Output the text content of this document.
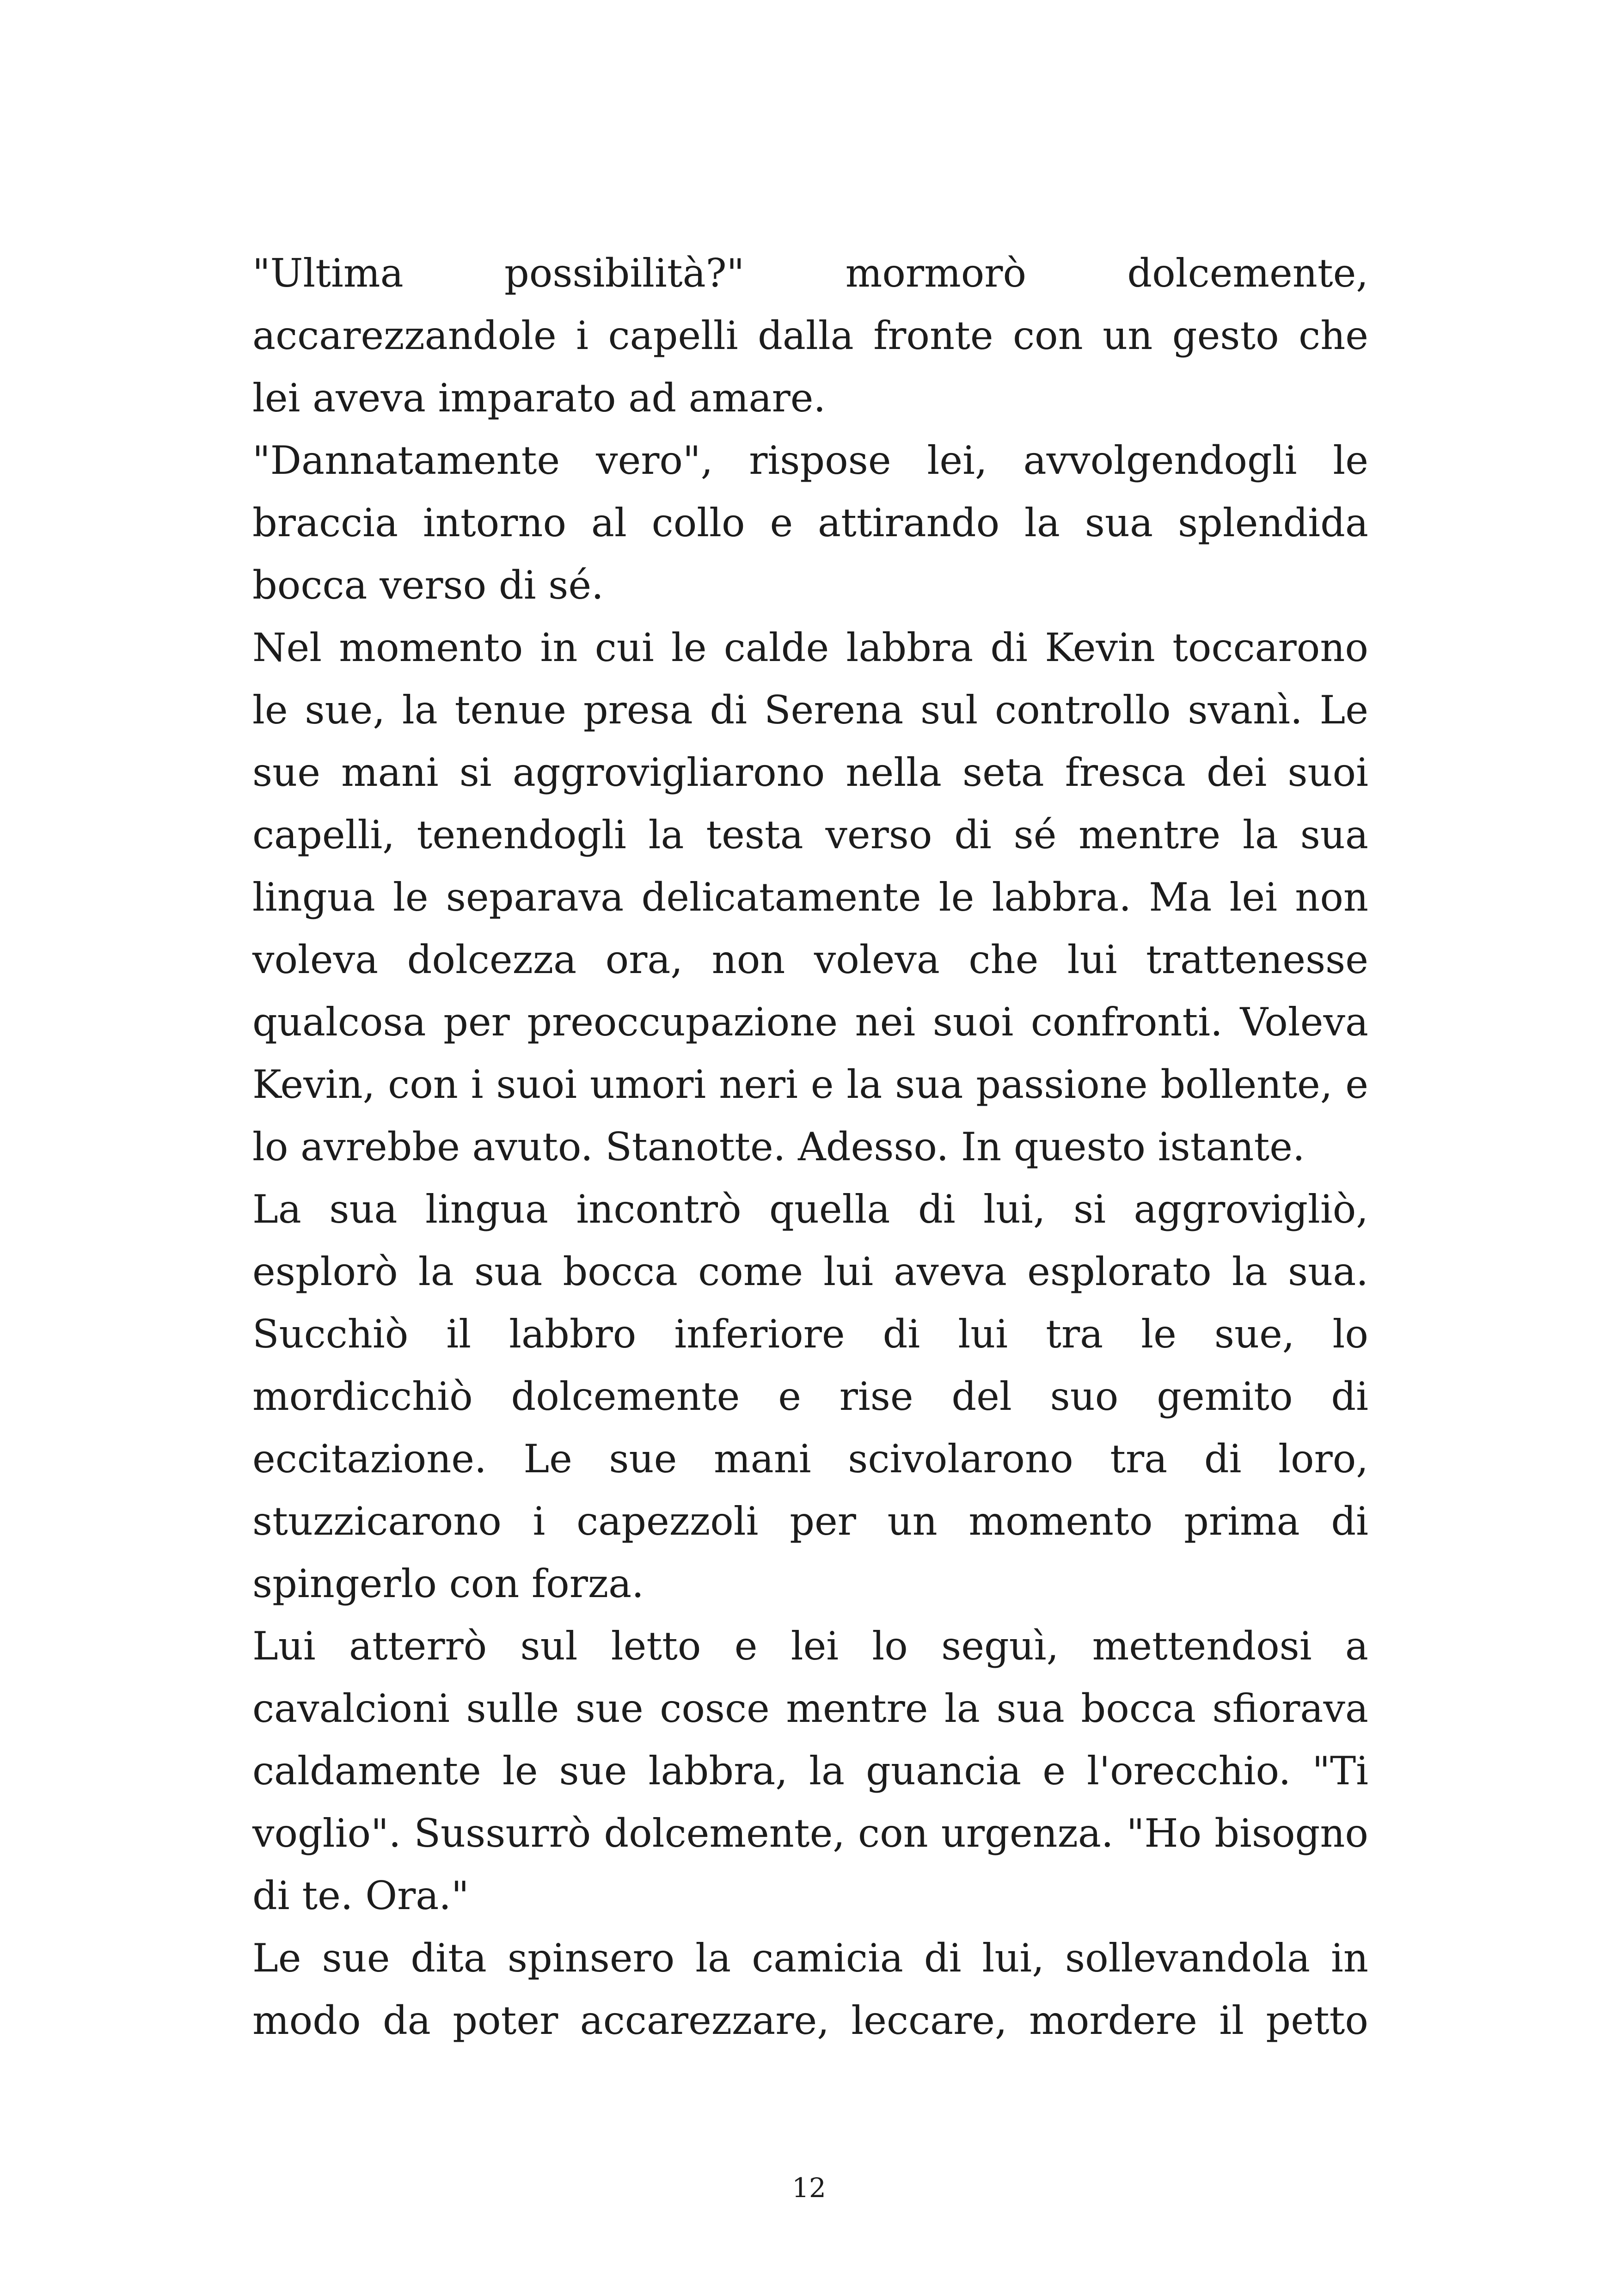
"Ultima possibilità?" mormorò dolcemente, accarezzandole i capelli dalla fronte con un gesto che lei aveva imparato ad amare.

"Dannatamente vero", rispose lei, avvolgendogli le braccia intorno al collo e attirando la sua splendida bocca verso di sé.

Nel momento in cui le calde labbra di Kevin toccarono le sue, la tenue presa di Serena sul controllo svanì. Le sue mani si aggrovigliarono nella seta fresca dei suoi capelli, tenendogli la testa verso di sé mentre la sua lingua le separava delicatamente le labbra. Ma lei non voleva dolcezza ora, non voleva che lui trattenesse qualcosa per preoccupazione nei suoi confronti. Voleva Kevin, con i suoi umori neri e la sua passione bollente, e lo avrebbe avuto. Stanotte. Adesso. In questo istante.

La sua lingua incontrò quella di lui, si aggrovigliò, esplorò la sua bocca come lui aveva esplorato la sua. Succhiò il labbro inferiore di lui tra le sue, lo mordicchiò dolcemente e rise del suo gemito di eccitazione. Le sue mani scivolarono tra di loro, stuzzicarono i capezzoli per un momento prima di spingerlo con forza.

Lui atterrò sul letto e lei lo seguì, mettendosi a cavalcioni sulle sue cosce mentre la sua bocca sfiorava caldamente le sue labbra, la guancia e l'orecchio. "Ti voglio". Sussurrò dolcemente, con urgenza. "Ho bisogno di te. Ora."

Le sue dita spinsero la camicia di lui, sollevandola in modo da poter accarezzare, leccare, mordere il petto

12
